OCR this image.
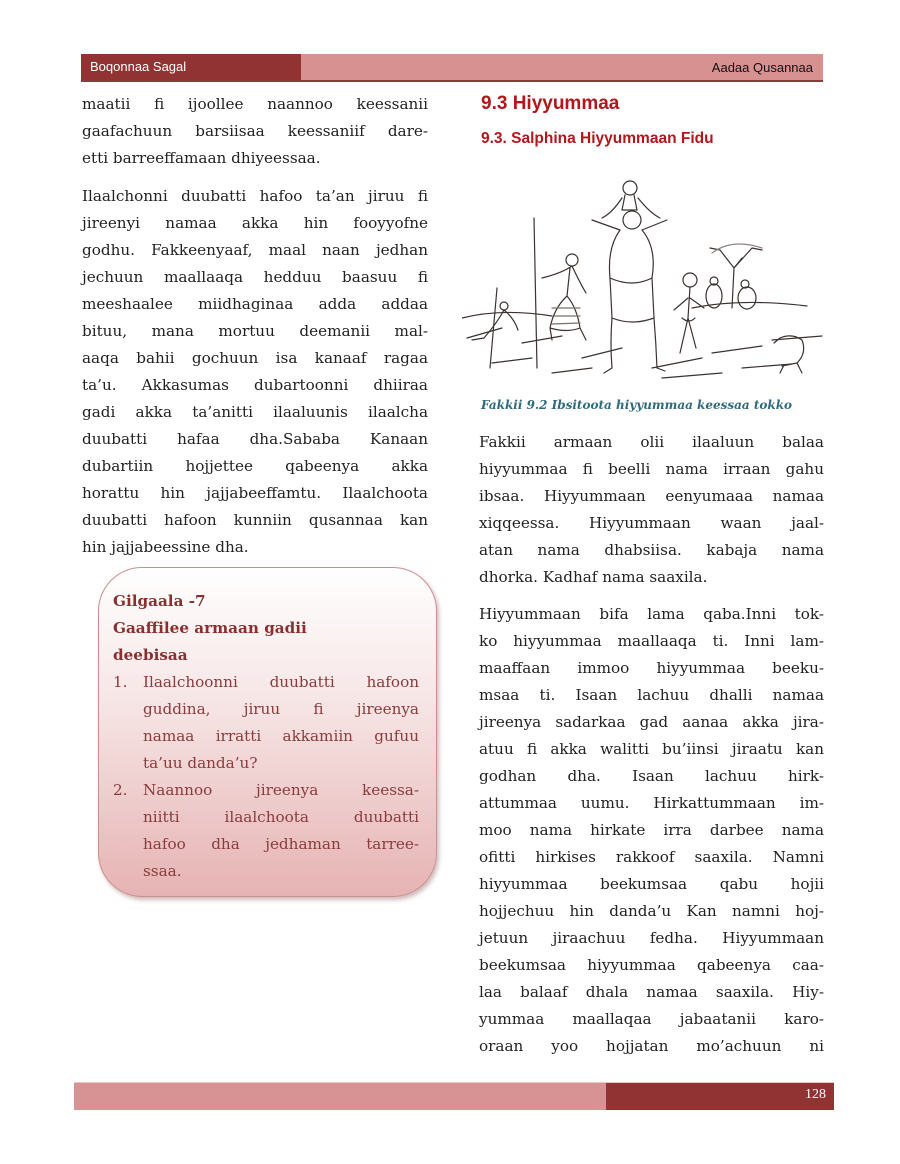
Boqonnaa Sagal	Aadaa Qusannaa

maatii fi ijoollee naannoo keessanii
gaafachuun barsiisaa keessaniif dare-
etti barreeffamaan dhiyeessaa.

Ilaalchonni duubatti hafoo ta’an jiruu fi
jireenyi namaa akka hin fooyyofne
godhu. Fakkeenyaaf, maal naan jedhan
jechuun maallaaqa hedduu baasuu fi
meeshaalee miidhaginaa adda addaa
bituu, mana mortuu deemanii mal-
aaqa bahii gochuun isa kanaaf ragaa
ta’u. Akkasumas dubartoonni dhiiraa
gadi akka ta’anitti ilaaluunis ilaalcha
duubatti hafaa dha.Sababa Kanaan
dubartiin hojjettee qabeenya akka
horattu hin jajjabeeffamtu. Ilaalchoota
duubatti hafoon kunniin qusannaa kan
hin jajjabeessine dha.

Gilgaala -7
Gaaffilee armaan gadii
deebisaa
1. Ilaalchoonni duubatti hafoon
guddina, jiruu fi jireenya
namaa irratti akkamiin gufuu
ta’uu danda’u?
2. Naannoo jireenya keessa-
niitti ilaalchoota duubatti
hafoo dha jedhaman tarree-
ssaa.
9.3 Hiyyummaa
9.3. Salphina Hiyyummaan Fidu
Fakkii 9.2 Ibsitoota hiyyummaa keessaa tokko

Fakkii armaan olii ilaaluun balaa
hiyyummaa fi beelli nama irraan gahu
ibsaa. Hiyyummaan eenyumaaa namaa
xiqqeessa. Hiyyummaan waan jaal-
atan nama dhabsiisa. kabaja nama
dhorka. Kadhaf nama saaxila.

Hiyyummaan bifa lama qaba.Inni tok-
ko hiyyummaa maallaaqa ti. Inni lam-
maaffaan immoo hiyyummaa beeku-
msaa ti. Isaan lachuu dhalli namaa
jireenya sadarkaa gad aanaa akka jira-
atuu fi akka walitti bu’iinsi jiraatu kan
godhan dha. Isaan lachuu hirk-
attummaa uumu. Hirkattummaan im-
moo nama hirkate irra darbee nama
ofitti hirkises rakkoof saaxila. Namni
hiyyummaa beekumsaa qabu hojii
hojjechuu hin danda’u Kan namni hoj-
jetuun jiraachuu fedha. Hiyyummaan
beekumsaa hiyyummaa qabeenya caa-
laa balaaf dhala namaa saaxila. Hiy-
yummaa maallaqaa jabaatanii karo-
oraan yoo hojjatan mo’achuun ni

128
